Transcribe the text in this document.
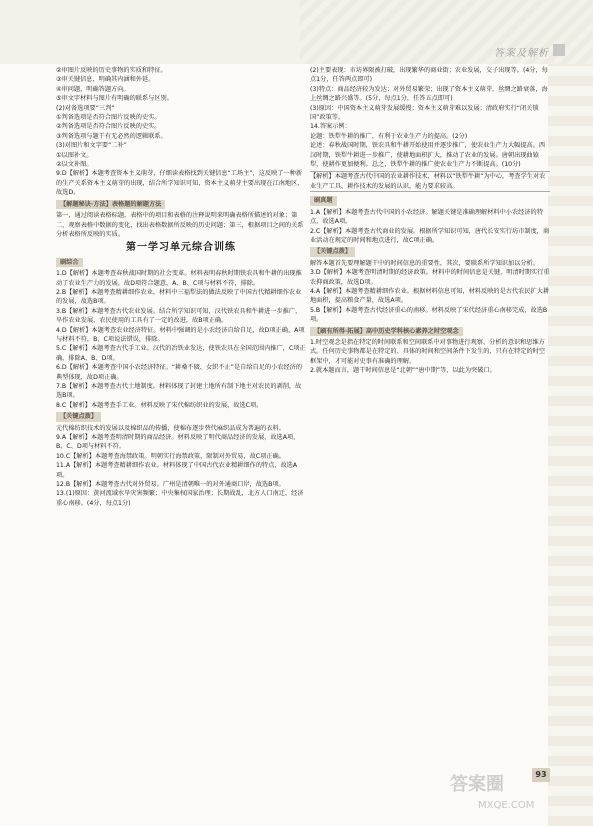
答案及解析
②审图片反映的历史事物的实质和特征。
③审关键信息，明确其内涵和外延。
④审问题，明确答题方向。
⑤审文字材料与图片有明确的联系与区别。
(2)对备选项要“三判”
①判备选项是否符合图片反映的史实。
②判备选项是否符合图片反映的史实。
③判备选项与题干有无必然的逻辑联系。
(3)对图片和文字要“二补”
①以图补文。
②以文补图。
9.D【解析】本题考查资本主义萌芽，仔细读表格找到关键信息“工场主”，这反映了一种新的生产关系资本主义萌芽的出现，结合所学知识可知，资本主义萌芽主要出现在江南地区，故选D。
【解题秘诀·方法】表格题的解题方法
第一，通过阅读表格标题，表格中的项目和表格的注释说明来明确表格所描述的对象；第二，观察表格中数据的变化，找出表格数据所反映的历史问题；第三，根据项目之间的关系分析表格所反映的实质。
第一学习单元综合训练
刷综合
1.D【解析】本题考查春秋战国时期的社会变革。材料表明春秋时期铁农具和牛耕的出现推动了农业生产力的发展，故D项符合题意，A、B、C项与材料不符，排除。
2.B【解析】本题考查精耕细作农业。材料中三福犁法的做法反映了中国古代精耕细作农业的发展，故选B项。
3.B【解析】本题考查古代农业发展。结合所学知识可知，汉代铁农具和牛耕进一步推广，旱作农业发展，农民使用的工具有了一定的改进，故B项正确。
4.D【解析】本题考查农业经济特征。材料中强调的是小农经济自给自足，故D项正确，A项与材料不符，B、C项说法错误，排除。
5.C【解析】本题考查古代手工业。汉代的冶铁业发达，使铁农具在全国范围内推广，C项正确，排除A、B、D项。
6.D【解析】本题考查中国小农经济特征。“耕桑不辍、女织不止”是自给自足的小农经济的典型体现，故D项正确。
7.B【解析】本题考查古代土地制度。材料体现了封建土地所有制下地主对农民的剥削，故选B项。
8.C【解析】本题考查手工业。材料反映了宋代棉纺织业的发展，故选C项。
【关键点拨】
元代棉纺织技术的发展以及棉织品的传播，使棉布逐步替代麻织品成为普遍的衣料。
9.A【解析】本题考查明清时期的商品经济。材料反映了明代商品经济的发展，故选A项，B、C、D项与材料不符。
10.C【解析】本题考查海禁政策。明朝实行海禁政策，限制对外贸易，故C项正确。
11.A【解析】本题考查精耕细作农业。材料体现了中国古代农业精耕细作的特点，故选A项。
12.B【解析】本题考查古代对外贸易。广州是清朝唯一的对外通商口岸，故选B项。
13.(1)原因：黄河流域水旱灾害频繁；中央集权国家治理；长期战乱，北方人口南迁，经济重心南移。(4分，每点1分)
(2)主要表现：市坊界限被打破，出现繁华的商业街；农业发展，交子出现等。(4分，每点1分，任答两点即可)
(3)特点：商品经济较为发达；对外贸易繁荣；出现了资本主义萌芽，丝绸之路衰落，海上丝绸之路兴盛等。(5分，每点1分，任答五点即可)
(3)原因：中国资本主义萌芽发展缓慢；资本主义萌芽难以发展；清政府实行“闭关锁国”政策等。
14.答案示例：
论题：铁犁牛耕的推广，有利于农业生产力的提高。(2分)
论述：春秋战国时期，铁农具和牛耕开始使用并逐步推广，使农业生产力大幅提高。西汉时期，铁犁牛耕进一步推广，使耕地面积扩大，推动了农业的发展。唐朝出现曲辕犁，使耕作更加便利。总之，铁犁牛耕的推广使农业生产力不断提高。(10分)
【解析】本题考查古代中国的农业耕作技术，材料以“铁犁牛耕”为中心，考查学生对农业生产工具、耕作技术的发展的认识，能力要求较高。
刷真题
1.A【解析】本题考查古代中国的小农经济。解题关键是准确理解材料中小农经济的特点，故选A项。
2.C【解析】本题考查古代商业的发展。根据所学知识可知，唐代长安实行坊市制度，商业活动在规定的时间和地点进行，故C项正确。
【关键点拨】
解答本题首先要理解题干中的时间信息的重要性，其次，要联系所学知识加以分析。
3.D【解析】本题考查明清时期的经济政策。材料中的时间信息是关键，明清时期实行重农抑商政策，故选D项。
4.A【解析】本题考查精耕细作农业。根据材料信息可知，材料反映的是古代农民扩大耕地面积，提高粮食产量，故选A项。
5.B【解析】本题考查古代经济重心的南移。材料反映了宋代经济重心南移完成，故选B项。
【刷有所得·拓展】高中历史学科核心素养之时空观念
1.时空观念是指在特定的时间联系和空间联系中对事物进行观察、分析的意识和思维方式。任何历史事物都是在特定的、具体的时间和空间条件下发生的，只有在特定的时空框架中，才可能对史事有准确的理解。
2.就本题而言，题干时间信息是“北朝”“唐中期”等，以此为突破口。
答案圈
MXQE.COM
93
